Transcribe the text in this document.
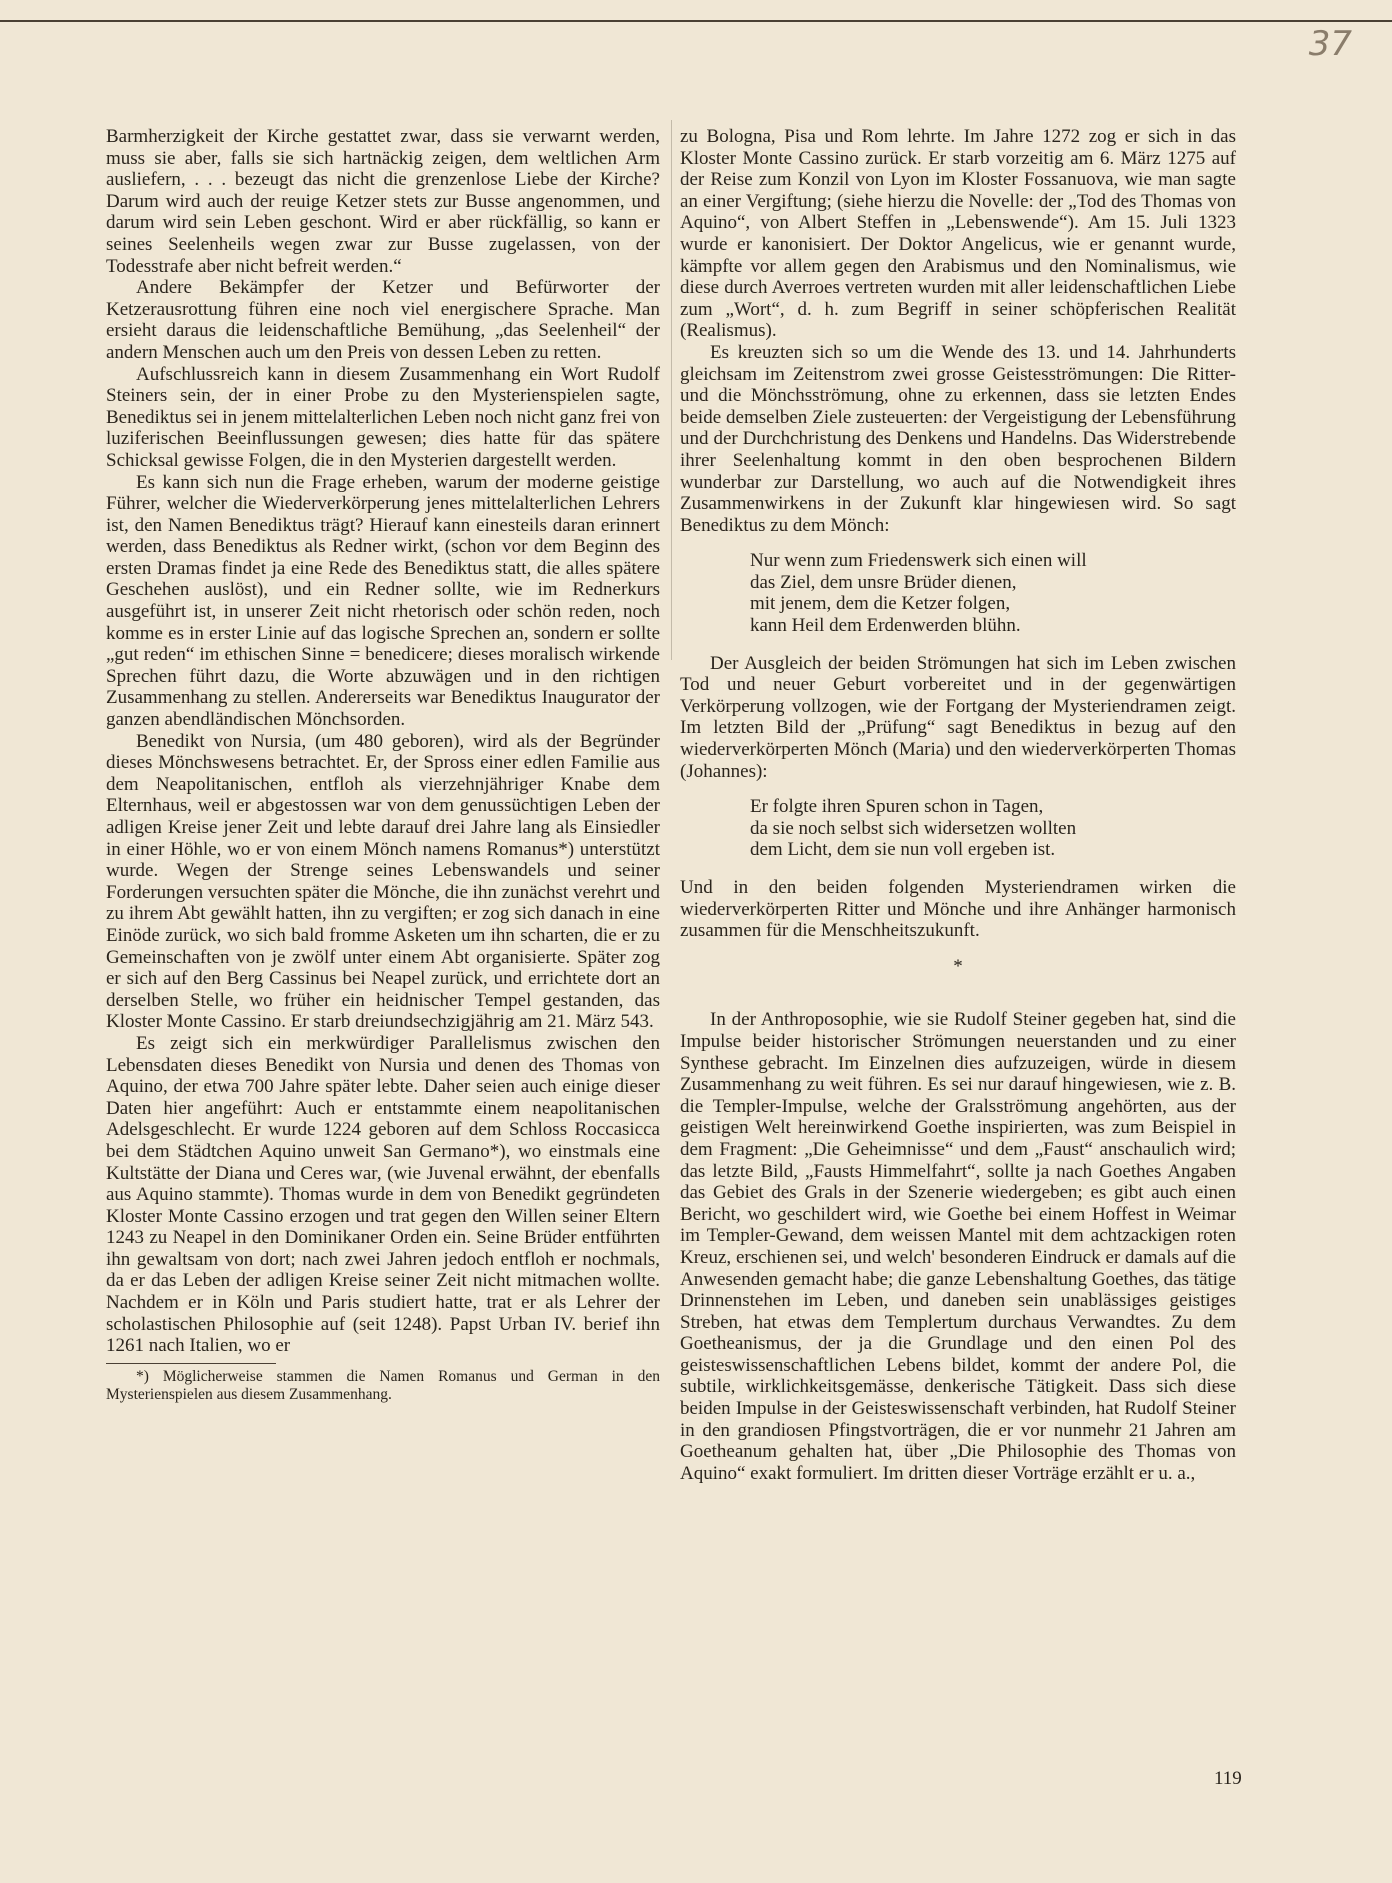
37

Barmherzigkeit der Kirche gestattet zwar, dass sie verwarnt werden, muss sie aber, falls sie sich hartnäckig zeigen, dem weltlichen Arm ausliefern, . . . bezeugt das nicht die grenzenlose Liebe der Kirche? Darum wird auch der reuige Ketzer stets zur Busse angenommen, und darum wird sein Leben geschont. Wird er aber rückfällig, so kann er seines Seelenheils wegen zwar zur Busse zugelassen, von der Todesstrafe aber nicht befreit werden.“

Andere Bekämpfer der Ketzer und Befürworter der Ketzerausrottung führen eine noch viel energischere Sprache. Man ersieht daraus die leidenschaftliche Bemühung, „das Seelenheil“ der andern Menschen auch um den Preis von dessen Leben zu retten.

Aufschlussreich kann in diesem Zusammenhang ein Wort Rudolf Steiners sein, der in einer Probe zu den Mysterienspielen sagte, Benediktus sei in jenem mittelalterlichen Leben noch nicht ganz frei von luziferischen Beeinflussungen gewesen; dies hatte für das spätere Schicksal gewisse Folgen, die in den Mysterien dargestellt werden.

Es kann sich nun die Frage erheben, warum der moderne geistige Führer, welcher die Wiederverkörperung jenes mittelalterlichen Lehrers ist, den Namen Benediktus trägt? Hierauf kann einesteils daran erinnert werden, dass Benediktus als Redner wirkt, (schon vor dem Beginn des ersten Dramas findet ja eine Rede des Benediktus statt, die alles spätere Geschehen auslöst), und ein Redner sollte, wie im Rednerkurs ausgeführt ist, in unserer Zeit nicht rhetorisch oder schön reden, noch komme es in erster Linie auf das logische Sprechen an, sondern er sollte „gut reden“ im ethischen Sinne = benedicere; dieses moralisch wirkende Sprechen führt dazu, die Worte abzuwägen und in den richtigen Zusammenhang zu stellen. Andererseits war Benediktus Inaugurator der ganzen abendländischen Mönchsorden.

Benedikt von Nursia, (um 480 geboren), wird als der Begründer dieses Mönchswesens betrachtet. Er, der Spross einer edlen Familie aus dem Neapolitanischen, entfloh als vierzehnjähriger Knabe dem Elternhaus, weil er abgestossen war von dem genussüchtigen Leben der adligen Kreise jener Zeit und lebte darauf drei Jahre lang als Einsiedler in einer Höhle, wo er von einem Mönch namens Romanus*) unterstützt wurde. Wegen der Strenge seines Lebenswandels und seiner Forderungen versuchten später die Mönche, die ihn zunächst verehrt und zu ihrem Abt gewählt hatten, ihn zu vergiften; er zog sich danach in eine Einöde zurück, wo sich bald fromme Asketen um ihn scharten, die er zu Gemeinschaften von je zwölf unter einem Abt organisierte. Später zog er sich auf den Berg Cassinus bei Neapel zurück, und errichtete dort an derselben Stelle, wo früher ein heidnischer Tempel gestanden, das Kloster Monte Cassino. Er starb dreiundsechzigjährig am 21. März 543.

Es zeigt sich ein merkwürdiger Parallelismus zwischen den Lebensdaten dieses Benedikt von Nursia und denen des Thomas von Aquino, der etwa 700 Jahre später lebte. Daher seien auch einige dieser Daten hier angeführt: Auch er entstammte einem neapolitanischen Adelsgeschlecht. Er wurde 1224 geboren auf dem Schloss Roccasicca bei dem Städtchen Aquino unweit San Germano*), wo einstmals eine Kultstätte der Diana und Ceres war, (wie Juvenal erwähnt, der ebenfalls aus Aquino stammte). Thomas wurde in dem von Benedikt gegründeten Kloster Monte Cassino erzogen und trat gegen den Willen seiner Eltern 1243 zu Neapel in den Dominikaner Orden ein. Seine Brüder entführten ihn gewaltsam von dort; nach zwei Jahren jedoch entfloh er nochmals, da er das Leben der adligen Kreise seiner Zeit nicht mitmachen wollte. Nachdem er in Köln und Paris studiert hatte, trat er als Lehrer der scholastischen Philosophie auf (seit 1248). Papst Urban IV. berief ihn 1261 nach Italien, wo er

*) Möglicherweise stammen die Namen Romanus und German in den Mysterienspielen aus diesem Zusammenhang.

zu Bologna, Pisa und Rom lehrte. Im Jahre 1272 zog er sich in das Kloster Monte Cassino zurück. Er starb vorzeitig am 6. März 1275 auf der Reise zum Konzil von Lyon im Kloster Fossanuova, wie man sagte an einer Vergiftung; (siehe hierzu die Novelle: der „Tod des Thomas von Aquino“, von Albert Steffen in „Lebenswende“). Am 15. Juli 1323 wurde er kanonisiert. Der Doktor Angelicus, wie er genannt wurde, kämpfte vor allem gegen den Arabismus und den Nominalismus, wie diese durch Averroes vertreten wurden mit aller leidenschaftlichen Liebe zum „Wort“, d. h. zum Begriff in seiner schöpferischen Realität (Realismus).

Es kreuzten sich so um die Wende des 13. und 14. Jahrhunderts gleichsam im Zeitenstrom zwei grosse Geistesströmungen: Die Ritter- und die Mönchsströmung, ohne zu erkennen, dass sie letzten Endes beide demselben Ziele zusteuerten: der Vergeistigung der Lebensführung und der Durchchristung des Denkens und Handelns. Das Widerstrebende ihrer Seelenhaltung kommt in den oben besprochenen Bildern wunderbar zur Darstellung, wo auch auf die Notwendigkeit ihres Zusammenwirkens in der Zukunft klar hingewiesen wird. So sagt Benediktus zu dem Mönch:

Nur wenn zum Friedenswerk sich einen will
das Ziel, dem unsre Brüder dienen,
mit jenem, dem die Ketzer folgen,
kann Heil dem Erdenwerden blühn.

Der Ausgleich der beiden Strömungen hat sich im Leben zwischen Tod und neuer Geburt vorbereitet und in der gegenwärtigen Verkörperung vollzogen, wie der Fortgang der Mysteriendramen zeigt. Im letzten Bild der „Prüfung“ sagt Benediktus in bezug auf den wiederverkörperten Mönch (Maria) und den wiederverkörperten Thomas (Johannes):

Er folgte ihren Spuren schon in Tagen,
da sie noch selbst sich widersetzen wollten
dem Licht, dem sie nun voll ergeben ist.

Und in den beiden folgenden Mysteriendramen wirken die wiederverkörperten Ritter und Mönche und ihre Anhänger harmonisch zusammen für die Menschheitszukunft.

*

In der Anthroposophie, wie sie Rudolf Steiner gegeben hat, sind die Impulse beider historischer Strömungen neuerstanden und zu einer Synthese gebracht. Im Einzelnen dies aufzuzeigen, würde in diesem Zusammenhang zu weit führen. Es sei nur darauf hingewiesen, wie z. B. die Templer-Impulse, welche der Gralsströmung angehörten, aus der geistigen Welt hereinwirkend Goethe inspirierten, was zum Beispiel in dem Fragment: „Die Geheimnisse“ und dem „Faust“ anschaulich wird; das letzte Bild, „Fausts Himmelfahrt“, sollte ja nach Goethes Angaben das Gebiet des Grals in der Szenerie wiedergeben; es gibt auch einen Bericht, wo geschildert wird, wie Goethe bei einem Hoffest in Weimar im Templer-Gewand, dem weissen Mantel mit dem achtzackigen roten Kreuz, erschienen sei, und welch' besonderen Eindruck er damals auf die Anwesenden gemacht habe; die ganze Lebenshaltung Goethes, das tätige Drinnenstehen im Leben, und daneben sein unablässiges geistiges Streben, hat etwas dem Templertum durchaus Verwandtes. Zu dem Goetheanismus, der ja die Grundlage und den einen Pol des geisteswissenschaftlichen Lebens bildet, kommt der andere Pol, die subtile, wirklichkeitsgemässe, denkerische Tätigkeit. Dass sich diese beiden Impulse in der Geisteswissenschaft verbinden, hat Rudolf Steiner in den grandiosen Pfingstvorträgen, die er vor nunmehr 21 Jahren am Goetheanum gehalten hat, über „Die Philosophie des Thomas von Aquino“ exakt formuliert. Im dritten dieser Vorträge erzählt er u. a.,

119
